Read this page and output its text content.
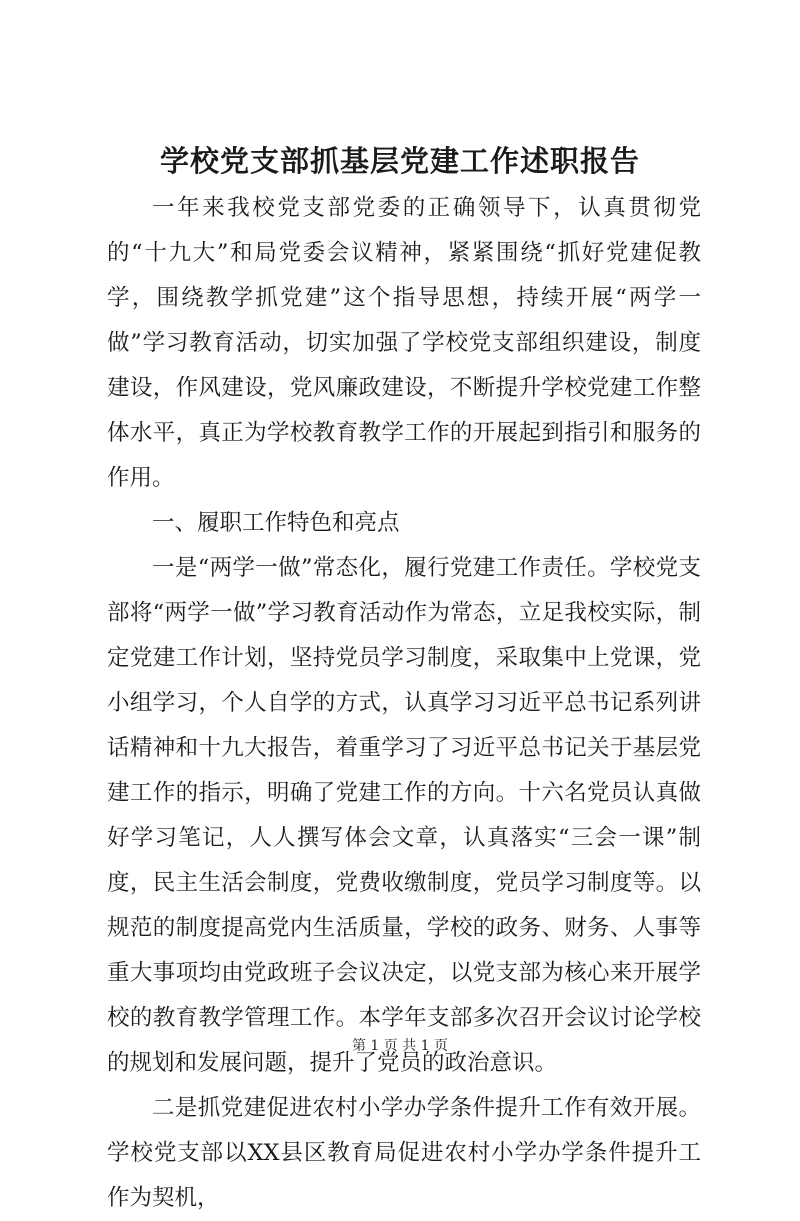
学校党支部抓基层党建工作述职报告

一年来我校党支部党委的正确领导下，认真贯彻党的“十九大”和局党委会议精神，紧紧围绕“抓好党建促教学，围绕教学抓党建”这个指导思想，持续开展“两学一做”学习教育活动，切实加强了学校党支部组织建设，制度建设，作风建设，党风廉政建设，不断提升学校党建工作整体水平，真正为学校教育教学工作的开展起到指引和服务的作用。

一、履职工作特色和亮点

一是“两学一做”常态化，履行党建工作责任。学校党支部将“两学一做”学习教育活动作为常态，立足我校实际，制定党建工作计划，坚持党员学习制度，采取集中上党课，党小组学习，个人自学的方式，认真学习习近平总书记系列讲话精神和十九大报告，着重学习了习近平总书记关于基层党建工作的指示，明确了党建工作的方向。十六名党员认真做好学习笔记，人人撰写体会文章，认真落实“三会一课”制度，民主生活会制度，党费收缴制度，党员学习制度等。以规范的制度提高党内生活质量，学校的政务、财务、人事等重大事项均由党政班子会议决定，以党支部为核心来开展学校的教育教学管理工作。本学年支部多次召开会议讨论学校的规划和发展问题，提升了党员的政治意识。

二是抓党建促进农村小学办学条件提升工作有效开展。学校党支部以XX县区教育局促进农村小学办学条件提升工作为契机，

第 1 页 共 1 页
